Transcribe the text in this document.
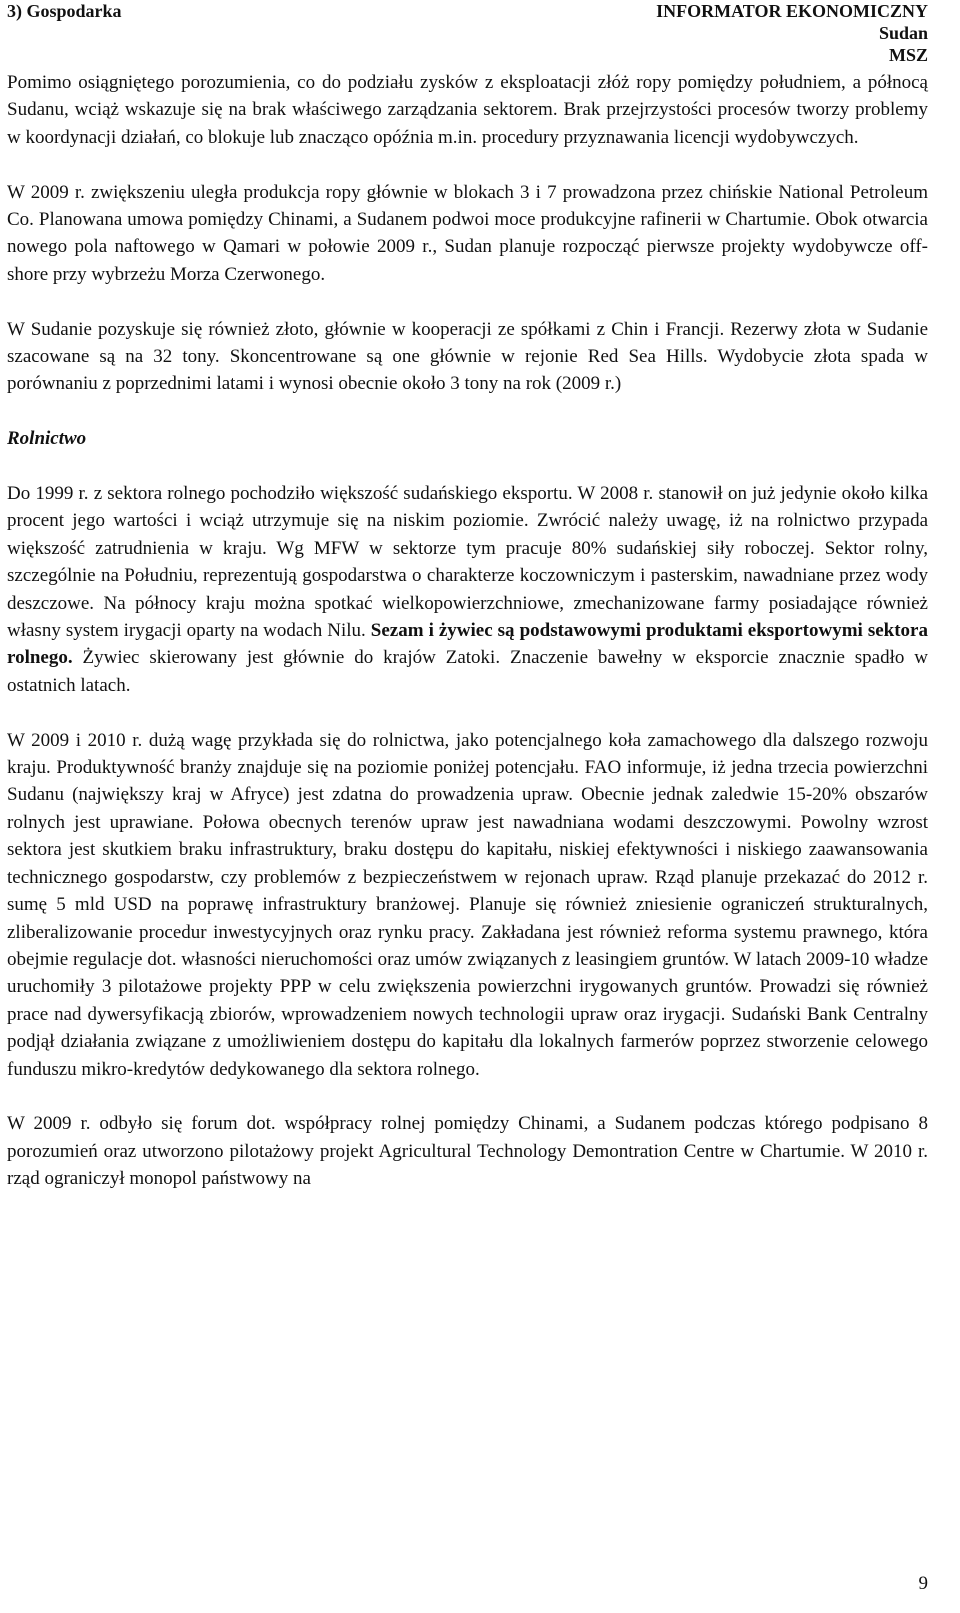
3) Gospodarka	INFORMATOR EKONOMICZNY
Sudan
MSZ

Pomimo osiągniętego porozumienia, co do podziału zysków z eksploatacji złóż ropy pomiędzy południem, a północą Sudanu, wciąż wskazuje się na brak właściwego zarządzania sektorem. Brak przejrzystości procesów tworzy problemy w koordynacji działań, co blokuje lub znacząco opóźnia m.in. procedury przyznawania licencji wydobywczych.

W 2009 r. zwiększeniu uległa produkcja ropy głównie w blokach 3 i 7 prowadzona przez chińskie National Petroleum Co. Planowana umowa pomiędzy Chinami, a Sudanem podwoi moce produkcyjne rafinerii w Chartumie. Obok otwarcia nowego pola naftowego w Qamari w połowie 2009 r., Sudan planuje rozpocząć pierwsze projekty wydobywcze off-shore przy wybrzeżu Morza Czerwonego.

W Sudanie pozyskuje się również złoto, głównie w kooperacji ze spółkami z Chin i Francji. Rezerwy złota w Sudanie szacowane są na 32 tony. Skoncentrowane są one głównie w rejonie Red Sea Hills. Wydobycie złota spada w porównaniu z poprzednimi latami i wynosi obecnie około 3 tony na rok (2009 r.)

Rolnictwo

Do 1999 r. z sektora rolnego pochodziło większość sudańskiego eksportu. W 2008 r. stanowił on już jedynie około kilka procent jego wartości i wciąż utrzymuje się na niskim poziomie. Zwrócić należy uwagę, iż na rolnictwo przypada większość zatrudnienia w kraju. Wg MFW w sektorze tym pracuje 80% sudańskiej siły roboczej. Sektor rolny, szczególnie na Południu, reprezentują gospodarstwa o charakterze koczowniczym i pasterskim, nawadniane przez wody deszczowe. Na północy kraju można spotkać wielkopowierzchniowe, zmechanizowane farmy posiadające również własny system irygacji oparty na wodach Nilu. Sezam i żywiec są podstawowymi produktami eksportowymi sektora rolnego. Żywiec skierowany jest głównie do krajów Zatoki. Znaczenie bawełny w eksporcie znacznie spadło w ostatnich latach.

W 2009 i 2010 r. dużą wagę przykłada się do rolnictwa, jako potencjalnego koła zamachowego dla dalszego rozwoju kraju. Produktywność branży znajduje się na poziomie poniżej potencjału. FAO informuje, iż jedna trzecia powierzchni Sudanu (największy kraj w Afryce) jest zdatna do prowadzenia upraw. Obecnie jednak zaledwie 15-20% obszarów rolnych jest uprawiane. Połowa obecnych terenów upraw jest nawadniana wodami deszczowymi. Powolny wzrost sektora jest skutkiem braku infrastruktury, braku dostępu do kapitału, niskiej efektywności i niskiego zaawansowania technicznego gospodarstw, czy problemów z bezpieczeństwem w rejonach upraw. Rząd planuje przekazać do 2012 r. sumę 5 mld USD na poprawę infrastruktury branżowej. Planuje się również zniesienie ograniczeń strukturalnych, zliberalizowanie procedur inwestycyjnych oraz rynku pracy. Zakładana jest również reforma systemu prawnego, która obejmie regulacje dot. własności nieruchomości oraz umów związanych z leasingiem gruntów. W latach 2009-10 władze uruchomiły 3 pilotażowe projekty PPP w celu zwiększenia powierzchni irygowanych gruntów. Prowadzi się również prace nad dywersyfikacją zbiorów, wprowadzeniem nowych technologii upraw oraz irygacji. Sudański Bank Centralny podjął działania związane z umożliwieniem dostępu do kapitału dla lokalnych farmerów poprzez stworzenie celowego funduszu mikro-kredytów dedykowanego dla sektora rolnego.

W 2009 r. odbyło się forum dot. współpracy rolnej pomiędzy Chinami, a Sudanem podczas którego podpisano 8 porozumień oraz utworzono pilotażowy projekt Agricultural Technology Demontration Centre w Chartumie. W 2010 r. rząd ograniczył monopol państwowy na

9
